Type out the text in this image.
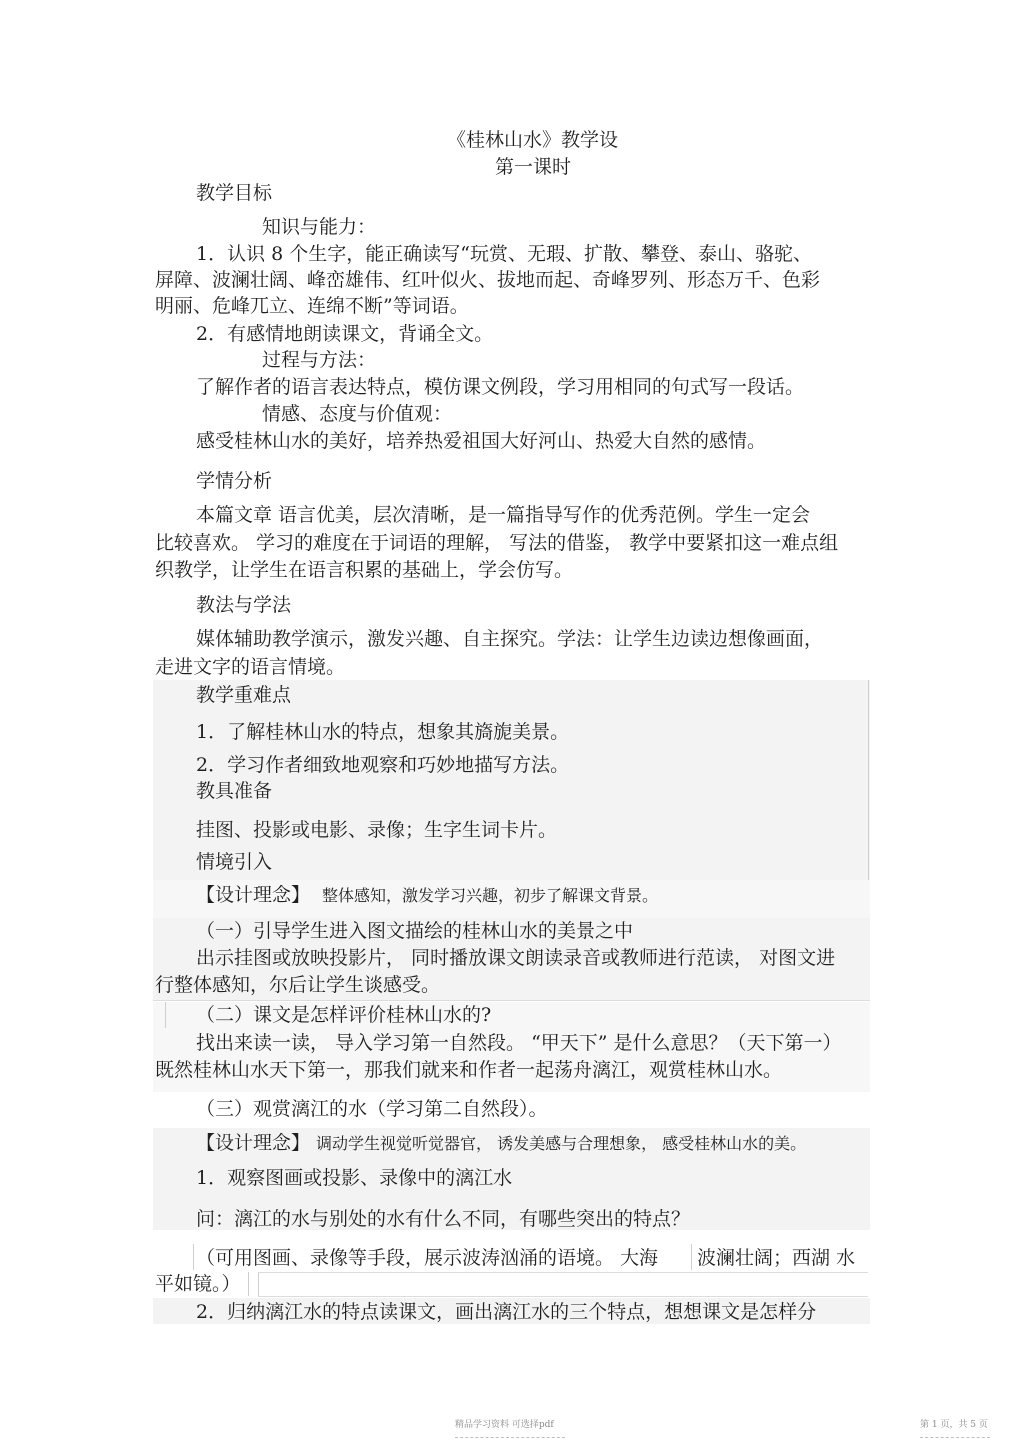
《桂林山水》教学设
第一课时
教学目标
知识与能力：
1．认识 8 个生字，能正确读写“玩赏、无瑕、扩散、攀登、泰山、骆驼、
屏障、波澜壮阔、峰峦雄伟、红叶似火、拔地而起、奇峰罗列、形态万千、色彩
明丽、危峰兀立、连绵不断”等词语。
2．有感情地朗读课文，背诵全文。
过程与方法：
了解作者的语言表达特点，模仿课文例段，学习用相同的句式写一段话。
情感、态度与价值观：
感受桂林山水的美好，培养热爱祖国大好河山、热爱大自然的感情。
学情分析
本篇文章 语言优美，层次清晰，是一篇指导写作的优秀范例。学生一定会
比较喜欢。 学习的难度在于词语的理解， 写法的借鉴， 教学中要紧扣这一难点组
织教学，让学生在语言积累的基础上，学会仿写。
教法与学法
媒体辅助教学演示，激发兴趣、自主探究。学法：让学生边读边想像画面，
走进文字的语言情境。
教学重难点
1．了解桂林山水的特点，想象其旖旎美景。
2．学习作者细致地观察和巧妙地描写方法。
教具准备
挂图、投影或电影、录像；生字生词卡片。
情境引入
【设计理念】 整体感知，激发学习兴趣，初步了解课文背景。
（一）引导学生进入图文描绘的桂林山水的美景之中
出示挂图或放映投影片， 同时播放课文朗读录音或教师进行范读， 对图文进
行整体感知，尔后让学生谈感受。
（二）课文是怎样评价桂林山水的?
找出来读一读， 导入学习第一自然段。 “甲天下” 是什么意思？（天下第一）
既然桂林山水天下第一，那我们就来和作者一起荡舟漓江，观赏桂林山水。
（三）观赏漓江的水（学习第二自然段）。
【设计理念】 调动学生视觉听觉器官， 诱发美感与合理想象， 感受桂林山水的美。
1．观察图画或投影、录像中的漓江水
问：漓江的水与别处的水有什么不同，有哪些突出的特点？
（可用图画、录像等手段，展示波涛汹涌的语境。 大海 波澜壮阔；西湖 水
平如镜。）
2．归纳漓江水的特点读课文，画出漓江水的三个特点，想想课文是怎样分
精品学习资料 可选择pdf	第 1 页，共 5 页
